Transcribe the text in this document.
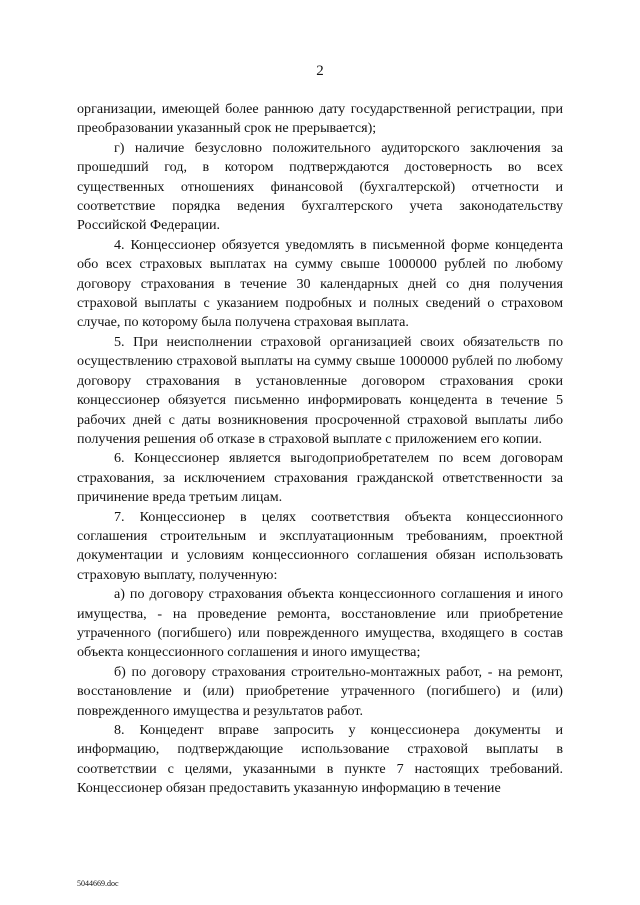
2

организации, имеющей более раннюю дату государственной регистрации, при преобразовании указанный срок не прерывается);

г) наличие безусловно положительного аудиторского заключения за прошедший год, в котором подтверждаются достоверность во всех существенных отношениях финансовой (бухгалтерской) отчетности и соответствие порядка ведения бухгалтерского учета законодательству Российской Федерации.

4. Концессионер обязуется уведомлять в письменной форме концедента обо всех страховых выплатах на сумму свыше 1000000 рублей по любому договору страхования в течение 30 календарных дней со дня получения страховой выплаты с указанием подробных и полных сведений о страховом случае, по которому была получена страховая выплата.

5. При неисполнении страховой организацией своих обязательств по осуществлению страховой выплаты на сумму свыше 1000000 рублей по любому договору страхования в установленные договором страхования сроки концессионер обязуется письменно информировать концедента в течение 5 рабочих дней с даты возникновения просроченной страховой выплаты либо получения решения об отказе в страховой выплате с приложением его копии.

6. Концессионер является выгодоприобретателем по всем договорам страхования, за исключением страхования гражданской ответственности за причинение вреда третьим лицам.

7. Концессионер в целях соответствия объекта концессионного соглашения строительным и эксплуатационным требованиям, проектной документации и условиям концессионного соглашения обязан использовать страховую выплату, полученную:

а) по договору страхования объекта концессионного соглашения и иного имущества, - на проведение ремонта, восстановление или приобретение утраченного (погибшего) или поврежденного имущества, входящего в состав объекта концессионного соглашения и иного имущества;

б) по договору страхования строительно-монтажных работ, - на ремонт, восстановление и (или) приобретение утраченного (погибшего) и (или) поврежденного имущества и результатов работ.

8. Концедент вправе запросить у концессионера документы и информацию, подтверждающие использование страховой выплаты в соответствии с целями, указанными в пункте 7 настоящих требований. Концессионер обязан предоставить указанную информацию в течение

5044669.doc
